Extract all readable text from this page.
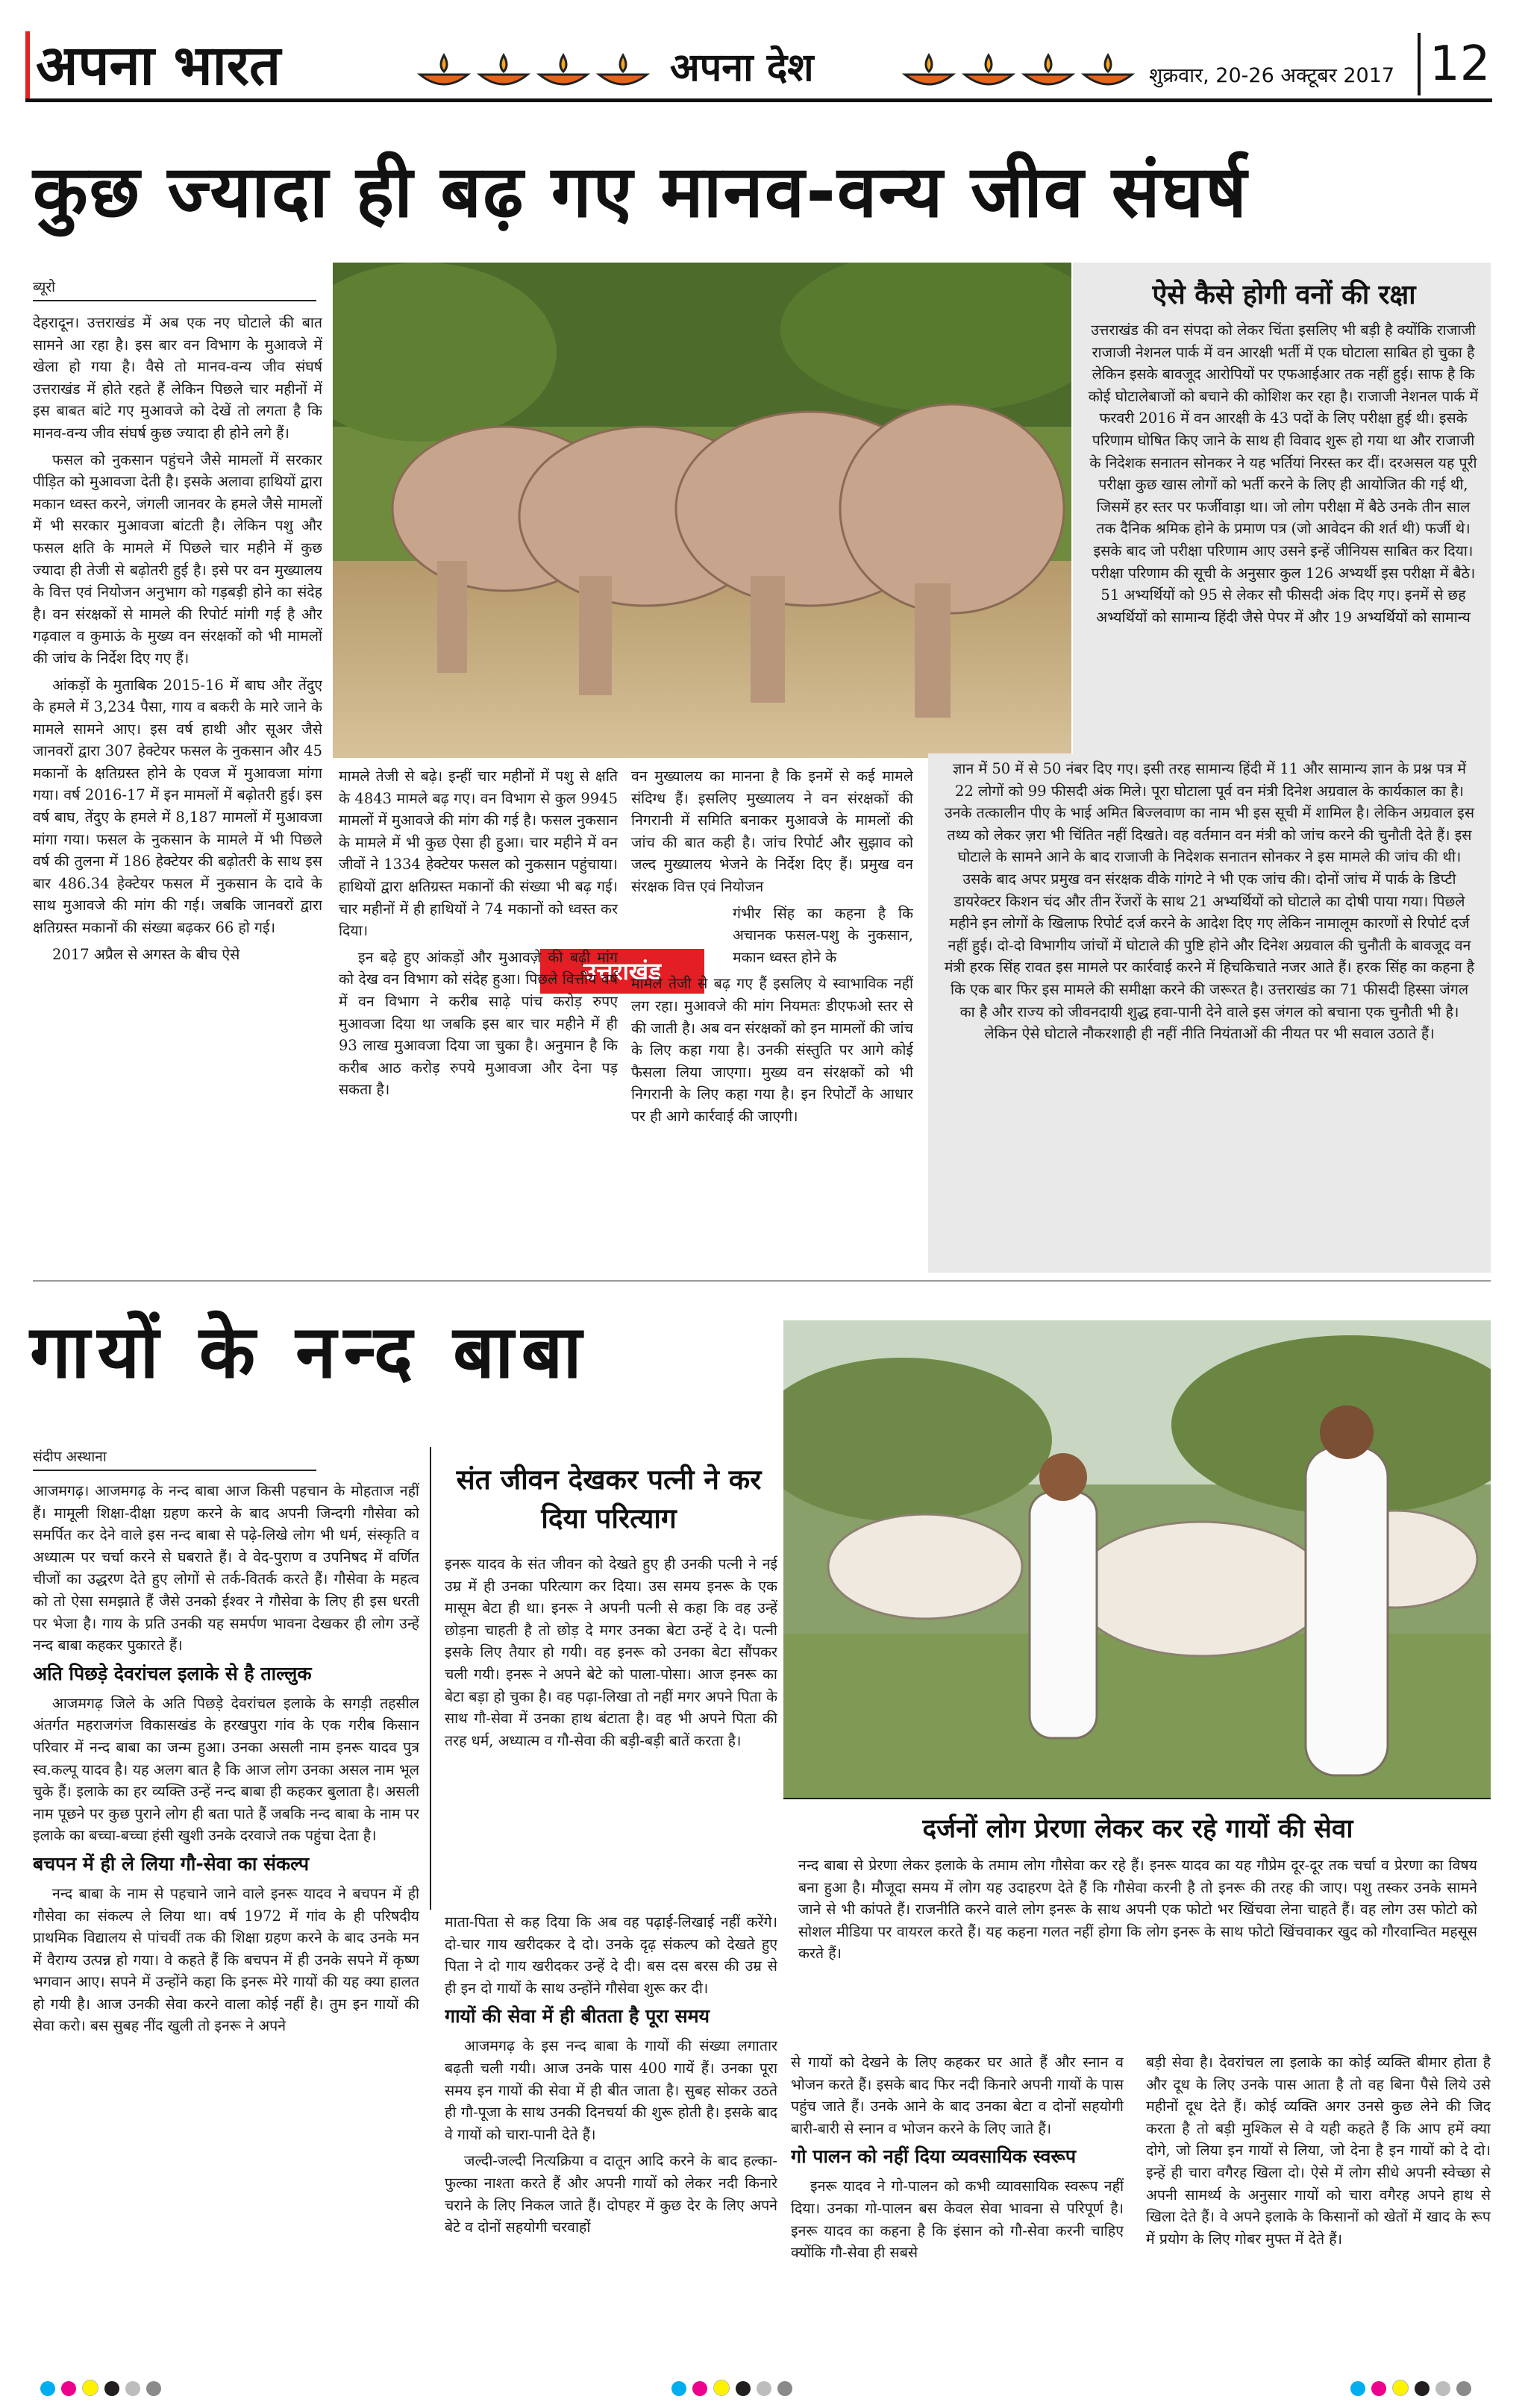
अपना भारत	अपना देश	शुक्रवार, 20-26 अक्टूबर 2017 12
कुछ ज्यादा ही बढ़ गए मानव-वन्य जीव संघर्ष
ब्यूरो

देहरादून। उत्तराखंड में अब एक नए घोटाले की बात सामने आ रहा है। इस बार वन विभाग के मुआवजे में खेला हो गया है। वैसे तो मानव-वन्य जीव संघर्ष उत्तराखंड में होते रहते हैं लेकिन पिछले चार महीनों में इस बाबत बांटे गए मुआवजे को देखें तो लगता है कि मानव-वन्य जीव संघर्ष कुछ ज्यादा ही होने लगे हैं।

फसल को नुकसान पहुंचने जैसे मामलों में सरकार पीड़ित को मुआवजा देती है। इसके अलावा हाथियों द्वारा मकान ध्वस्त करने, जंगली जानवर के हमले जैसे मामलों में भी सरकार मुआवजा बांटती है। लेकिन पशु और फसल क्षति के मामले में पिछले चार महीने में कुछ ज्यादा ही तेजी से बढ़ोतरी हुई है। इसे पर वन मुख्यालय के वित्त एवं नियोजन अनुभाग को गड़बड़ी होने का संदेह है। वन संरक्षकों से मामले की रिपोर्ट मांगी गई है और गढ़वाल व कुमाऊं के मुख्य वन संरक्षकों को भी मामलों की जांच के निर्देश दिए गए हैं।

आंकड़ों के मुताबिक 2015-16 में बाघ और तेंदुए के हमले में 3,234 पैसा, गाय व बकरी के मारे जाने के मामले सामने आए। इस वर्ष हाथी और सूअर जैसे जानवरों द्वारा 307 हेक्टेयर फसल के नुकसान और 45 मकानों के क्षतिग्रस्त होने के एवज में मुआवजा मांगा गया। वर्ष 2016-17 में इन मामलों में बढ़ोतरी हुई। इस वर्ष बाघ, तेंदुए के हमले में 8,187 मामलों में मुआवजा मांगा गया। फसल के नुकसान के मामले में भी पिछले वर्ष की तुलना में 186 हेक्टेयर की बढ़ोतरी के साथ इस बार 486.34 हेक्टेयर फसल में नुकसान के दावे के साथ मुआवजे की मांग की गई। जबकि जानवरों द्वारा क्षतिग्रस्त मकानों की संख्या बढ़कर 66 हो गई।

2017 अप्रैल से अगस्त के बीच ऐसे

उत्तराखंड

मामले तेजी से बढ़े। इन्हीं चार महीनों में पशु से क्षति के 4843 मामले बढ़ गए। वन विभाग से कुल 9945 मामलों में मुआवजे की मांग की गई है। फसल नुकसान के मामले में भी कुछ ऐसा ही हुआ। चार महीने में वन जीवों ने 1334 हेक्टेयर फसल को नुकसान पहुंचाया। हाथियों द्वारा क्षतिग्रस्त मकानों की संख्या भी बढ़ गई। चार महीनों में ही हाथियों ने 74 मकानों को ध्वस्त कर दिया।

इन बढ़े हुए आंकड़ों और मुआवज़े की बढ़ी मांग को देख वन विभाग को संदेह हुआ। पिछले वित्तीय वर्ष में वन विभाग ने करीब साढ़े पांच करोड़ रुपए मुआवजा दिया था जबकि इस बार चार महीने में ही 93 लाख मुआवजा दिया जा चुका है। अनुमान है कि करीब आठ करोड़ रुपये मुआवजा और देना पड़ सकता है।

वन मुख्यालय का मानना है कि इनमें से कई मामले संदिग्ध हैं। इसलिए मुख्यालय ने वन संरक्षकों की निगरानी में समिति बनाकर मुआवजे के मामलों की जांच की बात कही है। जांच रिपोर्ट और सुझाव को जल्द मुख्यालय भेजने के निर्देश दिए हैं। प्रमुख वन संरक्षक वित्त एवं नियोजन

गंभीर सिंह का कहना है कि अचानक फसल-पशु के नुकसान, मकान ध्वस्त होने के

मामले तेजी से बढ़ गए हैं इसलिए ये स्वाभाविक नहीं लग रहा। मुआवजे की मांग नियमतः डीएफओ स्तर से की जाती है। अब वन संरक्षकों को इन मामलों की जांच के लिए कहा गया है। उनकी संस्तुति पर आगे कोई फैसला लिया जाएगा। मुख्य वन संरक्षकों को भी निगरानी के लिए कहा गया है। इन रिपोर्टों के आधार पर ही आगे कार्रवाई की जाएगी।

ऐसे कैसे होगी वनों की रक्षा
उत्तराखंड की वन संपदा को लेकर चिंता इसलिए भी बड़ी है क्योंकि राजाजी राजाजी नेशनल पार्क में वन आरक्षी भर्ती में एक घोटाला साबित हो चुका है लेकिन इसके बावजूद आरोपियों पर एफआईआर तक नहीं हुई। साफ है कि कोई घोटालेबाजों को बचाने की कोशिश कर रहा है। राजाजी नेशनल पार्क में फरवरी 2016 में वन आरक्षी के 43 पदों के लिए परीक्षा हुई थी। इसके परिणाम घोषित किए जाने के साथ ही विवाद शुरू हो गया था और राजाजी के निदेशक सनातन सोनकर ने यह भर्तियां निरस्त कर दीं। दरअसल यह पूरी परीक्षा कुछ खास लोगों को भर्ती करने के लिए ही आयोजित की गई थी, जिसमें हर स्तर पर फर्जीवाड़ा था। जो लोग परीक्षा में बैठे उनके तीन साल तक दैनिक श्रमिक होने के प्रमाण पत्र (जो आवेदन की शर्त थी) फर्जी थे। इसके बाद जो परीक्षा परिणाम आए उसने इन्हें जीनियस साबित कर दिया। परीक्षा परिणाम की सूची के अनुसार कुल 126 अभ्यर्थी इस परीक्षा में बैठे। 51 अभ्यर्थियों को 95 से लेकर सौ फीसदी अंक दिए गए। इनमें से छह अभ्यर्थियों को सामान्य हिंदी जैसे पेपर में और 19 अभ्यर्थियों को सामान्य
ज्ञान में 50 में से 50 नंबर दिए गए। इसी तरह सामान्य हिंदी में 11 और सामान्य ज्ञान के प्रश्न पत्र में 22 लोगों को 99 फीसदी अंक मिले। पूरा घोटाला पूर्व वन मंत्री दिनेश अग्रवाल के कार्यकाल का है। उनके तत्कालीन पीए के भाई अमित बिज्लवाण का नाम भी इस सूची में शामिल है। लेकिन अग्रवाल इस तथ्य को लेकर ज़रा भी चिंतित नहीं दिखते। वह वर्तमान वन मंत्री को जांच करने की चुनौती देते हैं। इस घोटाले के सामने आने के बाद राजाजी के निदेशक सनातन सोनकर ने इस मामले की जांच की थी। उसके बाद अपर प्रमुख वन संरक्षक वीके गांगटे ने भी एक जांच की। दोनों जांच में पार्क के डिप्टी डायरेक्टर किशन चंद और तीन रेंजरों के साथ 21 अभ्यर्थियों को घोटाले का दोषी पाया गया। पिछले महीने इन लोगों के खिलाफ रिपोर्ट दर्ज करने के आदेश दिए गए लेकिन नामालूम कारणों से रिपोर्ट दर्ज नहीं हुई। दो-दो विभागीय जांचों में घोटाले की पुष्टि होने और दिनेश अग्रवाल की चुनौती के बावजूद वन मंत्री हरक सिंह रावत इस मामले पर कार्रवाई करने में हिचकिचाते नजर आते हैं। हरक सिंह का कहना है कि एक बार फिर इस मामले की समीक्षा करने की जरूरत है। उत्तराखंड का 71 फीसदी हिस्सा जंगल का है और राज्य को जीवनदायी शुद्ध हवा-पानी देने वाले इस जंगल को बचाना एक चुनौती भी है। लेकिन ऐसे घोटाले नौकरशाही ही नहीं नीति नियंताओं की नीयत पर भी सवाल उठाते हैं।
गायों के नन्द बाबा
संदीप अस्थाना

आजमगढ़। आजमगढ़ के नन्द बाबा आज किसी पहचान के मोहताज नहीं हैं। मामूली शिक्षा-दीक्षा ग्रहण करने के बाद अपनी जिन्दगी गौसेवा को समर्पित कर देने वाले इस नन्द बाबा से पढ़े-लिखे लोग भी धर्म, संस्कृति व अध्यात्म पर चर्चा करने से घबराते हैं। वे वेद-पुराण व उपनिषद में वर्णित चीजों का उद्धरण देते हुए लोगों से तर्क-वितर्क करते हैं। गौसेवा के महत्व को तो ऐसा समझाते हैं जैसे उनको ईश्वर ने गौसेवा के लिए ही इस धरती पर भेजा है। गाय के प्रति उनकी यह समर्पण भावना देखकर ही लोग उन्हें नन्द बाबा कहकर पुकारते हैं।

अति पिछड़े देवरांचल इलाके से है ताल्लुक

आजमगढ़ जिले के अति पिछड़े देवरांचल इलाके के सगड़ी तहसील अंतर्गत महराजगंज विकासखंड के हरखपुरा गांव के एक गरीब किसान परिवार में नन्द बाबा का जन्म हुआ। उनका असली नाम इनरू यादव पुत्र स्व.कल्पू यादव है। यह अलग बात है कि आज लोग उनका असल नाम भूल चुके हैं। इलाके का हर व्यक्ति उन्हें नन्द बाबा ही कहकर बुलाता है। असली नाम पूछने पर कुछ पुराने लोग ही बता पाते हैं जबकि नन्द बाबा के नाम पर इलाके का बच्चा-बच्चा हंसी खुशी उनके दरवाजे तक पहुंचा देता है।

बचपन में ही ले लिया गौ-सेवा का संकल्प

नन्द बाबा के नाम से पहचाने जाने वाले इनरू यादव ने बचपन में ही गौसेवा का संकल्प ले लिया था। वर्ष 1972 में गांव के ही परिषदीय प्राथमिक विद्यालय से पांचवीं तक की शिक्षा ग्रहण करने के बाद उनके मन में वैराग्य उत्पन्न हो गया। वे कहते हैं कि बचपन में ही उनके सपने में कृष्ण भगवान आए। सपने में उन्होंने कहा कि इनरू मेरे गायों की यह क्या हालत हो गयी है। आज उनकी सेवा करने वाला कोई नहीं है। तुम इन गायों की सेवा करो। बस सुबह नींद खुली तो इनरू ने अपने

संत जीवन देखकर पत्नी ने कर दिया परित्याग
इनरू यादव के संत जीवन को देखते हुए ही उनकी पत्नी ने नई उम्र में ही उनका परित्याग कर दिया। उस समय इनरू के एक मासूम बेटा ही था। इनरू ने अपनी पत्नी से कहा कि वह उन्हें छोड़ना चाहती है तो छोड़ दे मगर उनका बेटा उन्हें दे दे। पत्नी इसके लिए तैयार हो गयी। वह इनरू को उनका बेटा सौंपकर चली गयी। इनरू ने अपने बेटे को पाला-पोसा। आज इनरू का बेटा बड़ा हो चुका है। वह पढ़ा-लिखा तो नहीं मगर अपने पिता के साथ गौ-सेवा में उनका हाथ बंटाता है। वह भी अपने पिता की तरह धर्म, अध्यात्म व गौ-सेवा की बड़ी-बड़ी बातें करता है।

माता-पिता से कह दिया कि अब वह पढ़ाई-लिखाई नहीं करेंगे। दो-चार गाय खरीदकर दे दो। उनके दृढ़ संकल्प को देखते हुए पिता ने दो गाय खरीदकर उन्हें दे दी। बस दस बरस की उम्र से ही इन दो गायों के साथ उन्होंने गौसेवा शुरू कर दी।

गायों की सेवा में ही बीतता है पूरा समय

आजमगढ़ के इस नन्द बाबा के गायों की संख्या लगातार बढ़ती चली गयी। आज उनके पास 400 गायें हैं। उनका पूरा समय इन गायों की सेवा में ही बीत जाता है। सुबह सोकर उठते ही गौ-पूजा के साथ उनकी दिनचर्या की शुरू होती है। इसके बाद वे गायों को चारा-पानी देते हैं।

जल्दी-जल्दी नित्यक्रिया व दातून आदि करने के बाद हल्का-फुल्का नाश्ता करते हैं और अपनी गायों को लेकर नदी किनारे चराने के लिए निकल जाते हैं। दोपहर में कुछ देर के लिए अपने बेटे व दोनों सहयोगी चरवाहों

दर्जनों लोग प्रेरणा लेकर कर रहे गायों की सेवा
नन्द बाबा से प्रेरणा लेकर इलाके के तमाम लोग गौसेवा कर रहे हैं। इनरू यादव का यह गौप्रेम दूर-दूर तक चर्चा व प्रेरणा का विषय बना हुआ है। मौजूदा समय में लोग यह उदाहरण देते हैं कि गौसेवा करनी है तो इनरू की तरह की जाए। पशु तस्कर उनके सामने जाने से भी कांपते हैं। राजनीति करने वाले लोग इनरू के साथ अपनी एक फोटो भर खिंचवा लेना चाहते हैं। वह लोग उस फोटो को सोशल मीडिया पर वायरल करते हैं। यह कहना गलत नहीं होगा कि लोग इनरू के साथ फोटो खिंचवाकर खुद को गौरवान्वित महसूस करते हैं।

से गायों को देखने के लिए कहकर घर आते हैं और स्नान व भोजन करते हैं। इसके बाद फिर नदी किनारे अपनी गायों के पास पहुंच जाते हैं। उनके आने के बाद उनका बेटा व दोनों सहयोगी बारी-बारी से स्नान व भोजन करने के लिए जाते हैं।

गो पालन को नहीं दिया व्यवसायिक स्वरूप

इनरू यादव ने गो-पालन को कभी व्यावसायिक स्वरूप नहीं दिया। उनका गो-पालन बस केवल सेवा भावना से परिपूर्ण है। इनरू यादव का कहना है कि इंसान को गौ-सेवा करनी चाहिए क्योंकि गौ-सेवा ही सबसे

बड़ी सेवा है। देवरांचल ला इलाके का कोई व्यक्ति बीमार होता है और दूध के लिए उनके पास आता है तो वह बिना पैसे लिये उसे महीनों दूध देते हैं। कोई व्यक्ति अगर उनसे कुछ लेने की जिद करता है तो बड़ी मुश्किल से वे यही कहते हैं कि आप हमें क्या दोगे, जो लिया इन गायों से लिया, जो देना है इन गायों को दे दो। इन्हें ही चारा वगैरह खिला दो। ऐसे में लोग सीधे अपनी स्वेच्छा से अपनी सामर्थ्य के अनुसार गायों को चारा वगैरह अपने हाथ से खिला देते हैं। वे अपने इलाके के किसानों को खेतों में खाद के रूप में प्रयोग के लिए गोबर मुफ्त में देते हैं।
